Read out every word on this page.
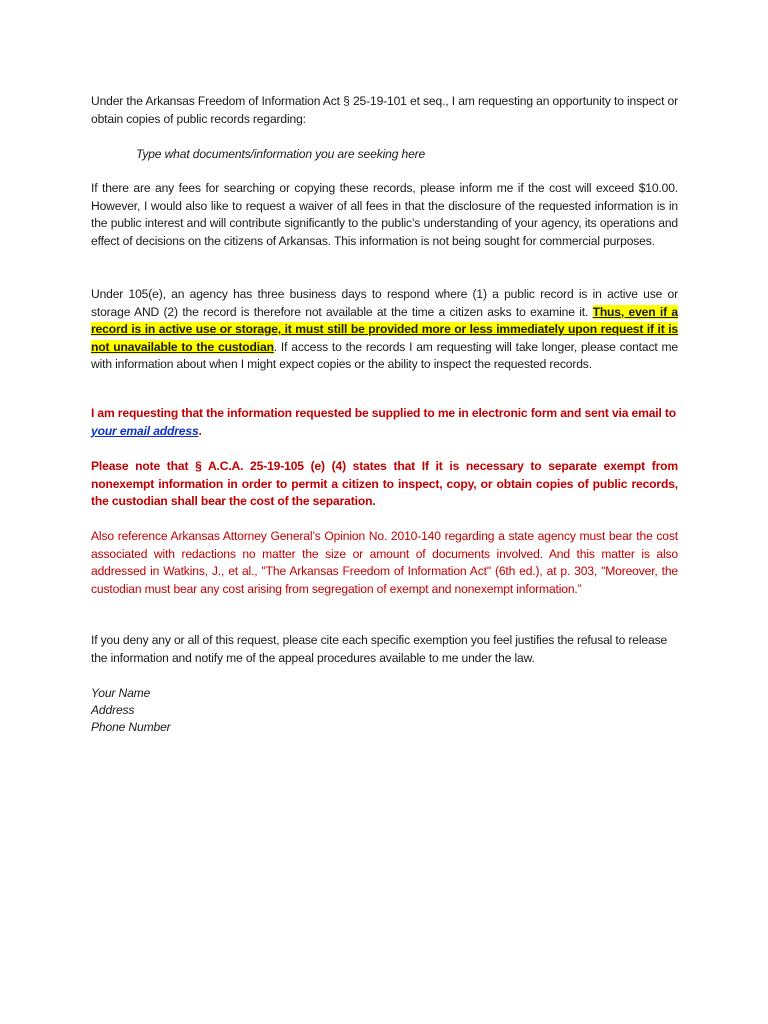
Under the Arkansas Freedom of Information Act § 25-19-101 et seq., I am requesting an opportunity to inspect or obtain copies of public records regarding:

Type what documents/information you are seeking here

If there are any fees for searching or copying these records, please inform me if the cost will exceed $10.00. However, I would also like to request a waiver of all fees in that the disclosure of the requested information is in the public interest and will contribute significantly to the public’s understanding of your agency, its operations and effect of decisions on the citizens of Arkansas. This information is not being sought for commercial purposes.

Under 105(e), an agency has three business days to respond where (1) a public record is in active use or storage AND (2) the record is therefore not available at the time a citizen asks to examine it. Thus, even if a record is in active use or storage, it must still be provided more or less immediately upon request if it is not unavailable to the custodian. If access to the records I am requesting will take longer, please contact me with information about when I might expect copies or the ability to inspect the requested records.

I am requesting that the information requested be supplied to me in electronic form and sent via email to your email address.

Please note that § A.C.A. 25-19-105 (e) (4) states that If it is necessary to separate exempt from nonexempt information in order to permit a citizen to inspect, copy, or obtain copies of public records, the custodian shall bear the cost of the separation.

Also reference Arkansas Attorney General’s Opinion No. 2010-140 regarding a state agency must bear the cost associated with redactions no matter the size or amount of documents involved. And this matter is also addressed in Watkins, J., et al., "The Arkansas Freedom of Information Act" (6th ed.), at p. 303, "Moreover, the custodian must bear any cost arising from segregation of exempt and nonexempt information.”

If you deny any or all of this request, please cite each specific exemption you feel justifies the refusal to release the information and notify me of the appeal procedures available to me under the law.

Your Name

Address

Phone Number
